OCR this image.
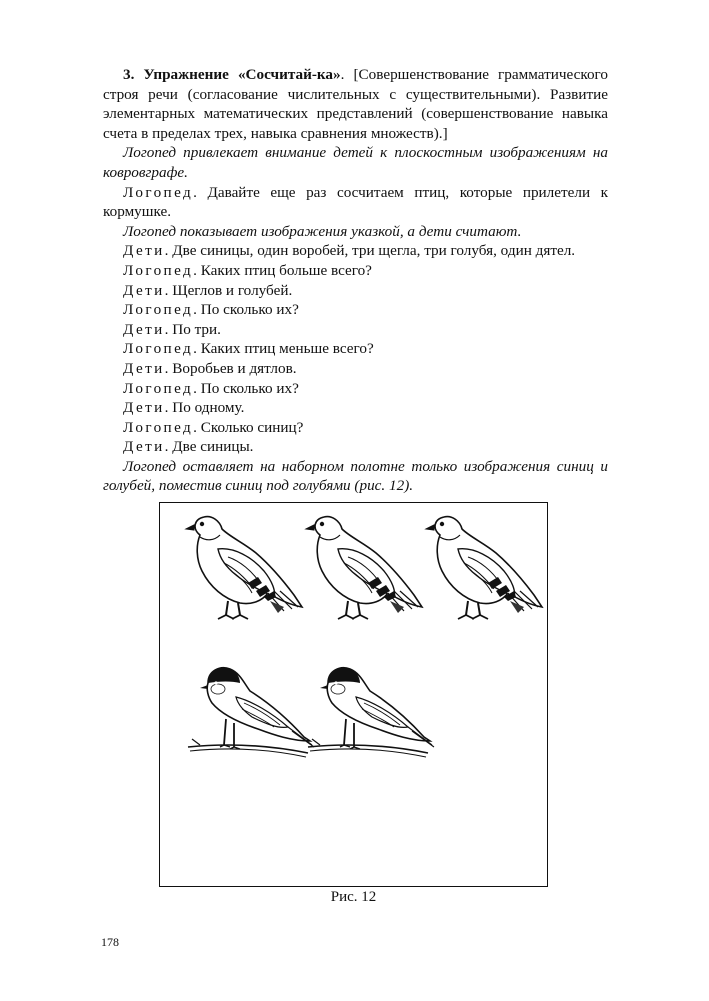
3. Упражнение «Сосчитай-ка». [Совершенствование грамматического строя речи (согласование числительных с существительными). Развитие элементарных математических представлений (совершенствование навыка счета в пределах трех, навыка сравнения множеств).]

Логопед привлекает внимание детей к плоскостным изображениям на ковровграфе.

Логопед. Давайте еще раз сосчитаем птиц, которые прилетели к кормушке.

Логопед показывает изображения указкой, а дети считают.

Дети. Две синицы, один воробей, три щегла, три голубя, один дятел.

Логопед. Каких птиц больше всего?

Дети. Щеглов и голубей.

Логопед. По сколько их?

Дети. По три.

Логопед. Каких птиц меньше всего?

Дети. Воробьев и дятлов.

Логопед. По сколько их?

Дети. По одному.

Логопед. Сколько синиц?

Дети. Две синицы.

Логопед оставляет на наборном полотне только изображения синиц и голубей, поместив синиц под голубями (рис. 12).

Рис. 12
178
